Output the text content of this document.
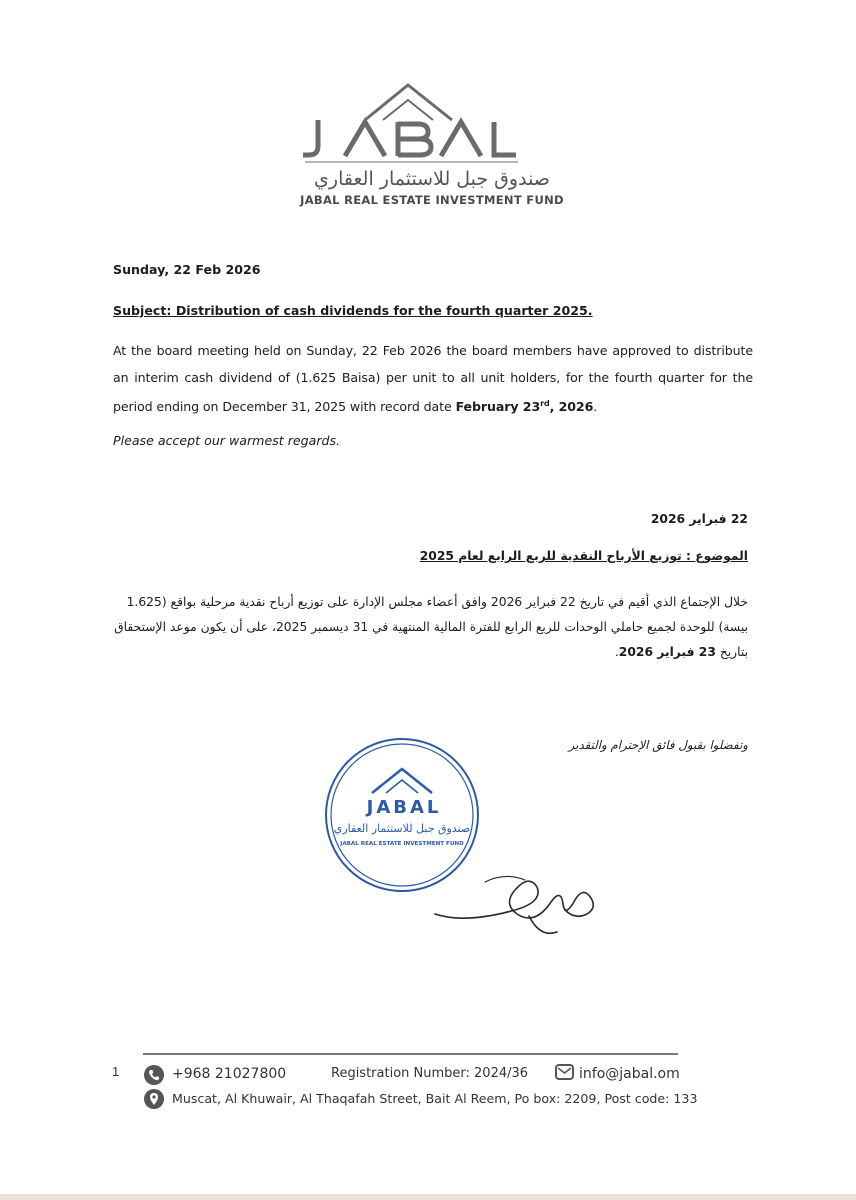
صندوق جبل للاستثمار العقاري
JABAL REAL ESTATE INVESTMENT FUND
Sunday, 22 Feb 2026
Subject: Distribution of cash dividends for the fourth quarter 2025.
At the board meeting held on Sunday, 22 Feb 2026 the board members have approved to distribute an interim cash dividend of (1.625 Baisa) per unit to all unit holders, for the fourth quarter for the period ending on December 31, 2025 with record date February 23rd, 2026.
Please accept our warmest regards.
22 فبراير 2026
الموضوع : توزيع الأرباح النقدية للربع الرابع لعام 2025
خلال الإجتماع الذي أقيم في تاريخ 22 فبراير 2026 وافق أعضاء مجلس الإدارة على توزيع أرباح نقدية مرحلية بواقع (1.625 بيسة) للوحدة لجميع حاملي الوحدات للربع الرابع للفترة المالية المنتهية في 31 ديسمبر 2025، على أن يكون موعد الإستحقاق بتاريخ 23 فبراير 2026.
وتفضلوا بقبول فائق الإحترام والتقدير
JABAL
صندوق جبل للاستثمار العقاري
JABAL REAL ESTATE INVESTMENT FUND
1	+968 21027800	Registration Number: 2024/36	info@jabal.om
Muscat, Al Khuwair, Al Thaqafah Street, Bait Al Reem, Po box: 2209, Post code: 133
